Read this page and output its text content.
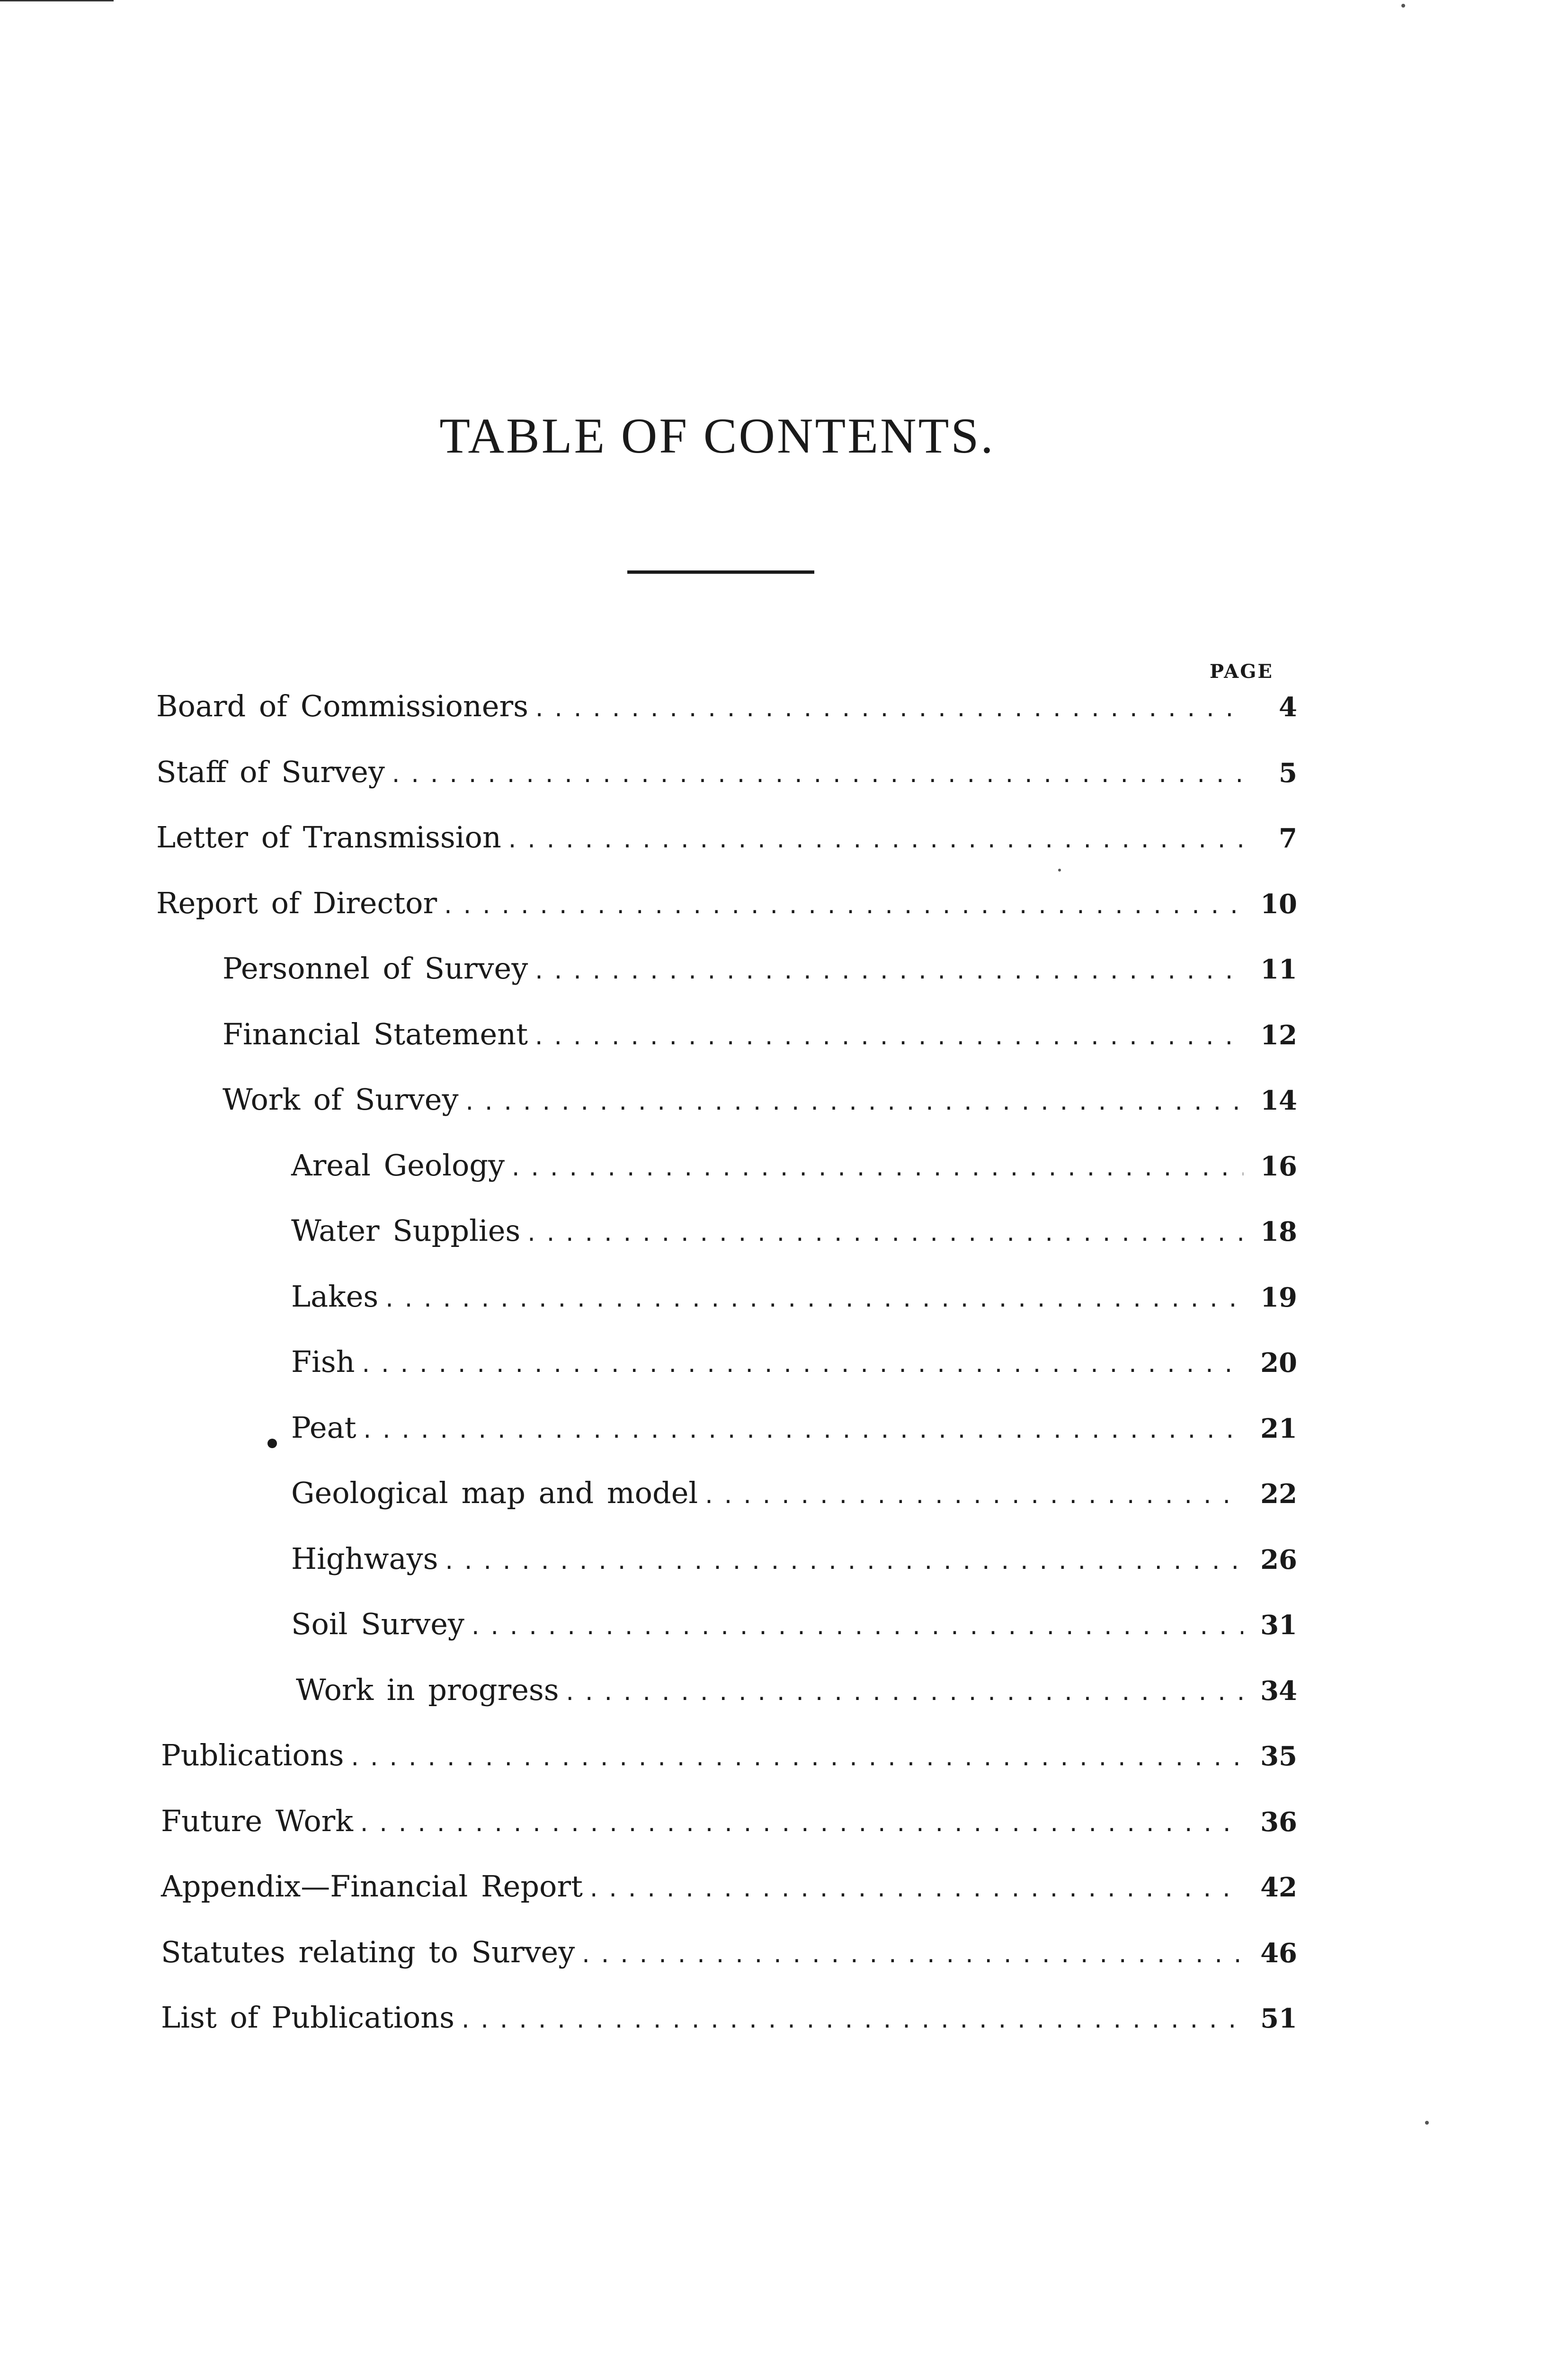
TABLE OF CONTENTS.
PAGE
Board of Commissioners .....	4
Staff of Survey .....	5
Letter of Transmission .....	7
Report of Director .....	10
Personnel of Survey .....	11
Financial Statement .....	12
Work of Survey .....	14
Areal Geology .....	16
Water Supplies .....	18
Lakes .....	19
Fish .....	20
Peat .....	21
Geological map and model .....	22
Highways .....	26
Soil Survey .....	31
Work in progress .....	34
Publications .....	35
Future Work .....	36
Appendix—Financial Report .....	42
Statutes relating to Survey .....	46
List of Publications .....	51
